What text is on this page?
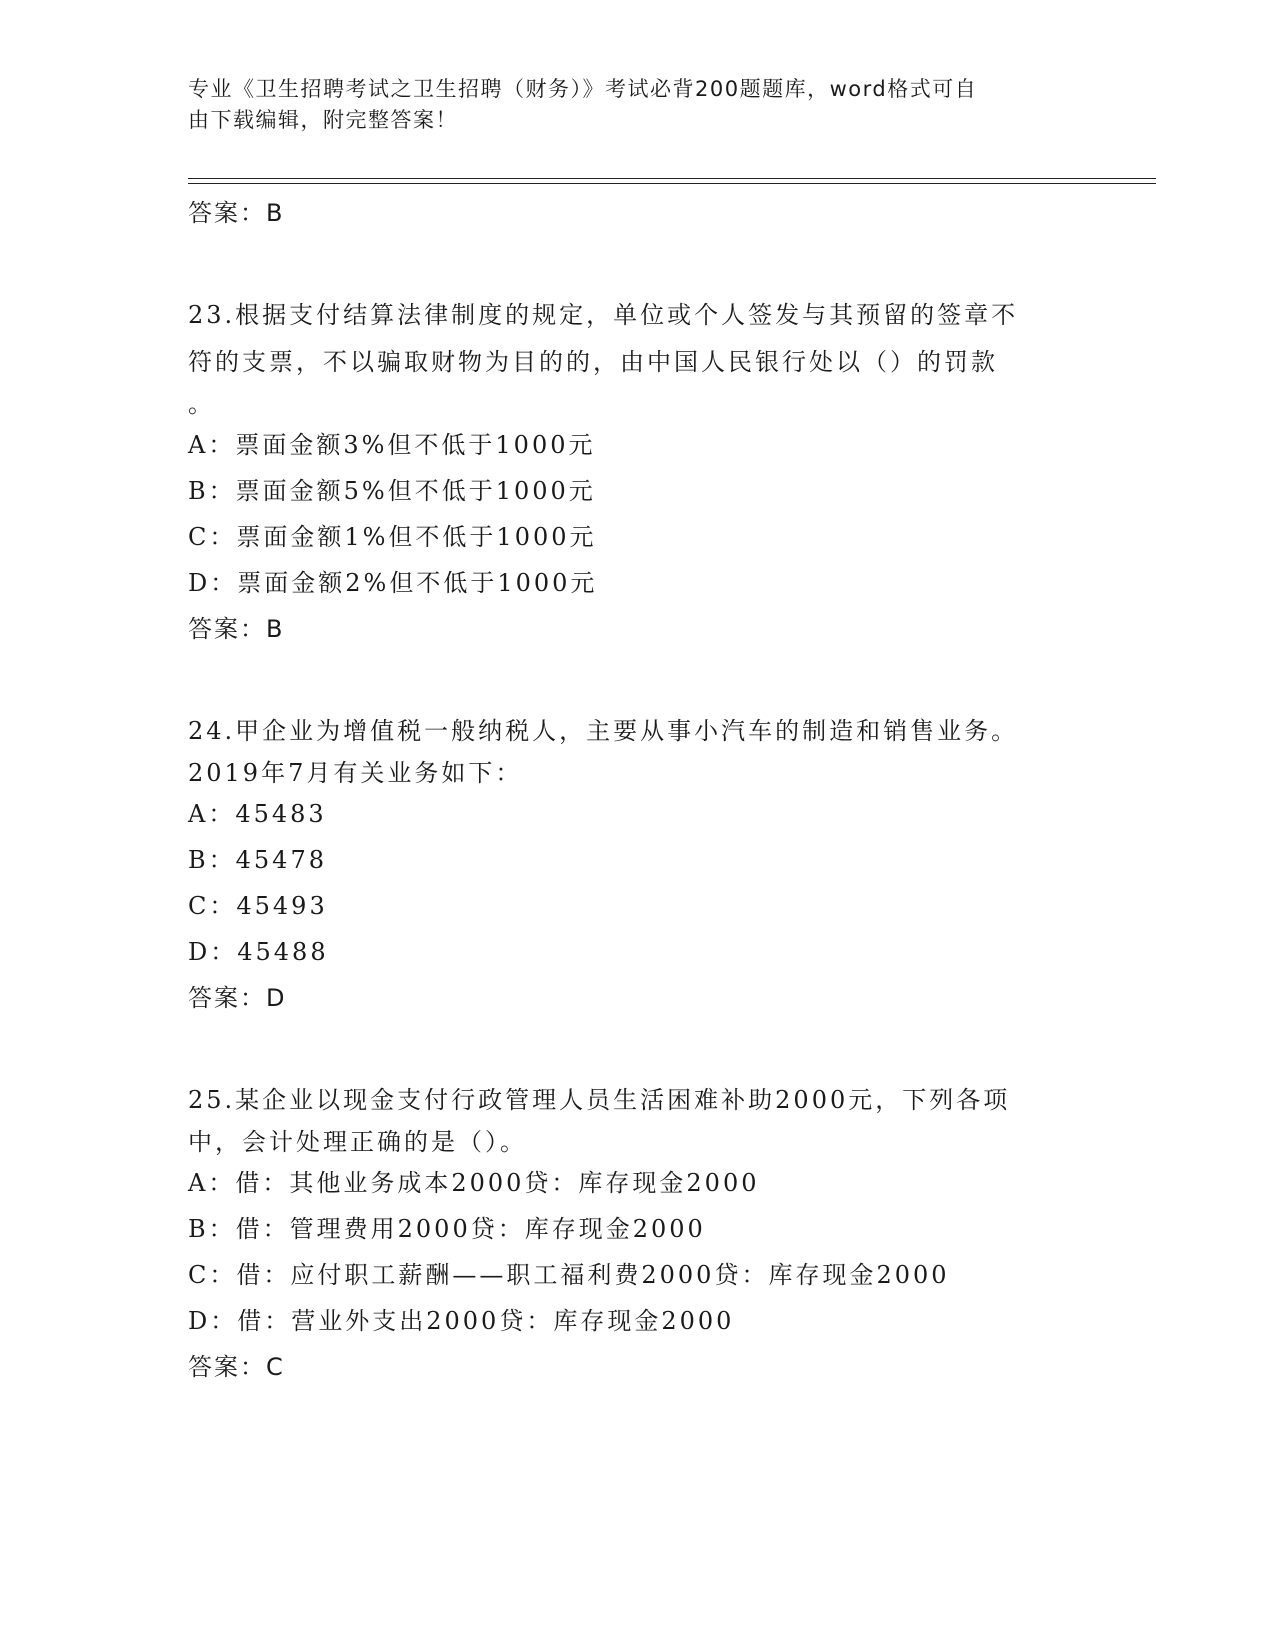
专业《卫生招聘考试之卫生招聘（财务）》考试必背200题题库，word格式可自
由下载编辑，附完整答案！
答案：B
23.根据支付结算法律制度的规定，单位或个人签发与其预留的签章不
符的支票，不以骗取财物为目的的，由中国人民银行处以（）的罚款
。
A：票面金额3%但不低于1000元
B：票面金额5%但不低于1000元
C：票面金额1%但不低于1000元
D：票面金额2%但不低于1000元
答案：B
24.甲企业为增值税一般纳税人，主要从事小汽车的制造和销售业务。
2019年7月有关业务如下：
A：45483
B：45478
C：45493
D：45488
答案：D
25.某企业以现金支付行政管理人员生活困难补助2000元，下列各项
中，会计处理正确的是（）。
A：借：其他业务成本2000贷：库存现金2000
B：借：管理费用2000贷：库存现金2000
C：借：应付职工薪酬——职工福利费2000贷：库存现金2000
D：借：营业外支出2000贷：库存现金2000
答案：C
